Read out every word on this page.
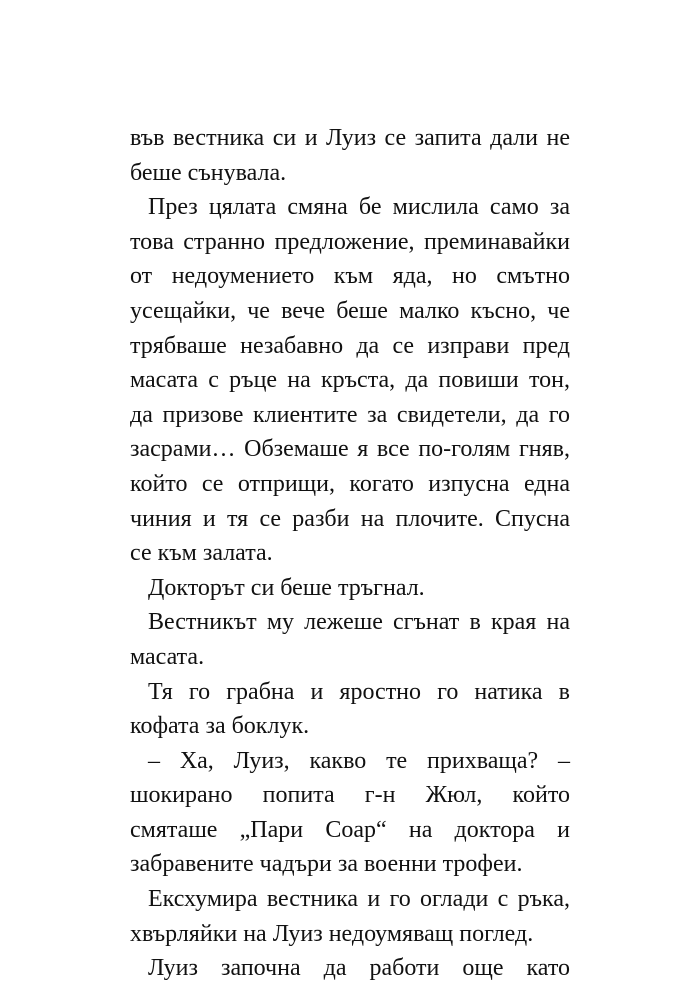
във вестника си и Луиз се запита дали не
беше сънувала.
През цялата смяна бе мислила само за
това странно предложение, преминавайки
от недоумението към яда, но смътно
усещайки, че вече беше малко късно, че
трябваше незабавно да се изправи пред
масата с ръце на кръста, да повиши тон,
да призове клиентите за свидетели, да го
засрами… Обземаше я все по-голям гняв,
който се отприщи, когато изпусна една
чиния и тя се разби на плочите. Спусна
се към залата.
Докторът си беше тръгнал.
Вестникът му лежеше сгънат в края на
масата.
Тя го грабна и яростно го натика в
кофата за боклук.
– Ха, Луиз, какво те прихваща? –
шокирано попита г-н Жюл, който
смяташе „Пари Соар“ на доктора и
забравените чадъри за военни трофеи.
Ексхумира вестника и го оглади с ръка,
хвърляйки на Луиз недоумяващ поглед.
Луиз започна да работи още като
